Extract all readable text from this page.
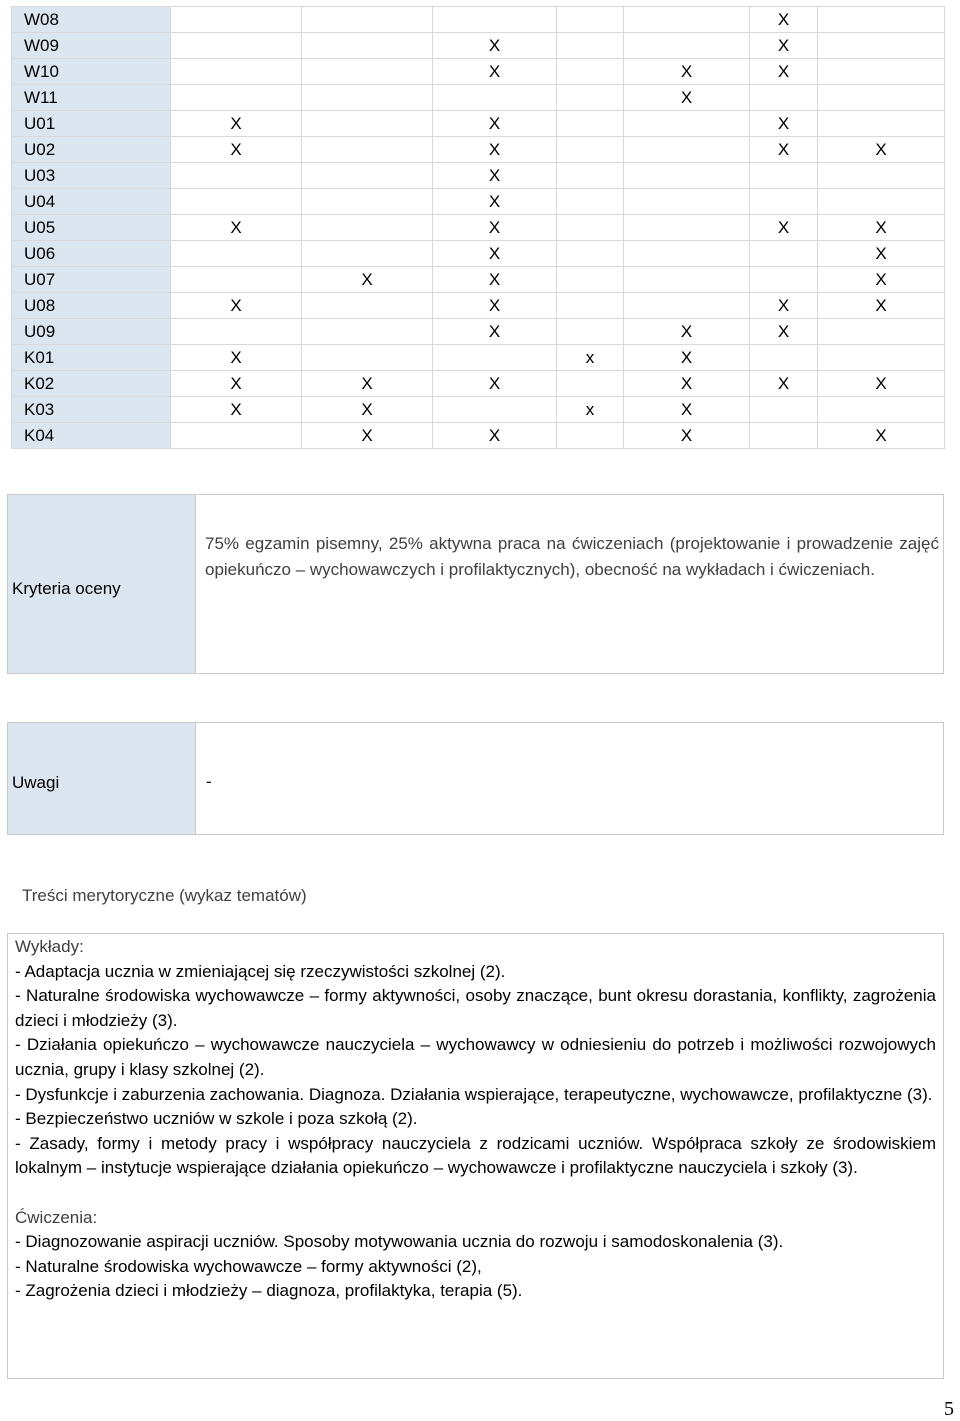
W08						X	
W09			X			X	
W10			X		X	X	
W11					X		
U01	X		X			X	
U02	X		X			X	X
U03			X				
U04			X				
U05	X		X			X	X
U06			X				X
U07		X	X				X
U08	X		X			X	X
U09			X		X	X	
K01	X			x	X		
K02	X	X	X		X	X	X
K03	X	X		x	X		
K04		X	X		X		X
Kryteria oceny

75% egzamin pisemny, 25% aktywna praca na ćwiczeniach (projektowanie i prowadzenie zajęć opiekuńczo – wychowawczych i profilaktycznych), obecność na wykładach i ćwiczeniach.

Uwagi	-
Treści merytoryczne (wykaz tematów)
Wykłady:
- Adaptacja ucznia w zmieniającej się rzeczywistości szkolnej (2).
- Naturalne środowiska wychowawcze – formy aktywności, osoby znaczące, bunt okresu dorastania, konflikty, zagrożenia dzieci i młodzieży (3).
- Działania opiekuńczo – wychowawcze nauczyciela – wychowawcy w odniesieniu do potrzeb i możliwości rozwojowych ucznia, grupy i klasy szkolnej (2).
- Dysfunkcje i zaburzenia zachowania. Diagnoza. Działania wspierające, terapeutyczne, wychowawcze, profilaktyczne (3).
- Bezpieczeństwo uczniów w szkole i poza szkołą (2).
- Zasady, formy i metody pracy i współpracy nauczyciela z rodzicami uczniów. Współpraca szkoły ze środowiskiem lokalnym – instytucje wspierające działania opiekuńczo – wychowawcze i profilaktyczne nauczyciela i szkoły (3).
Ćwiczenia:
- Diagnozowanie aspiracji uczniów. Sposoby motywowania ucznia do rozwoju i samodoskonalenia (3).
- Naturalne środowiska wychowawcze – formy aktywności (2),
- Zagrożenia dzieci i młodzieży – diagnoza, profilaktyka, terapia (5).
5
